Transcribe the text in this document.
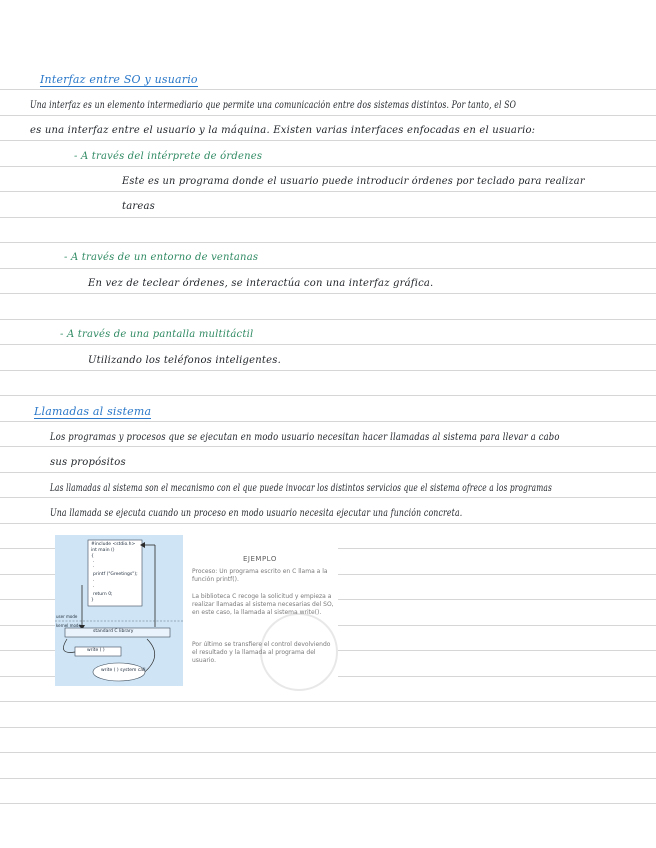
Interfaz entre SO y usuario
Una interfaz es un elemento intermediario que permite una comunicación entre dos sistemas distintos. Por tanto, el SO
es una interfaz entre el usuario y la máquina. Existen varias interfaces enfocadas en el usuario:
- A través del intérprete de órdenes
Este es un programa donde el usuario puede introducir órdenes por teclado para realizar
tareas
- A través de un entorno de ventanas
En vez de teclear órdenes, se interactúa con una interfaz gráfica.
- A través de una pantalla multitáctil
Utilizando los teléfonos inteligentes.
Llamadas al sistema
Los programas y procesos que se ejecutan en modo usuario necesitan hacer llamadas al sistema para llevar a cabo
sus propósitos
Las llamadas al sistema son el mecanismo con el que puede invocar los distintos servicios que el sistema ofrece a los programas
Una llamada se ejecuta cuando un proceso en modo usuario necesita ejecutar una función concreta.
#include <stdio.h>
int main ()
{
·
·
printf ("Greetings");
·
·
return 0;
}
user mode
kernel mode
standard C library
write ( )
write ( ) system call
EJEMPLO
Proceso: Un programa escrito en C llama a la función printf().
La biblioteca C recoge la solicitud y empieza a realizar llamadas al sistema necesarias del SO, en este caso, la llamada al sistema write().
Por último se transfiere el control devolviendo el resultado y la llamada al programa del usuario.
